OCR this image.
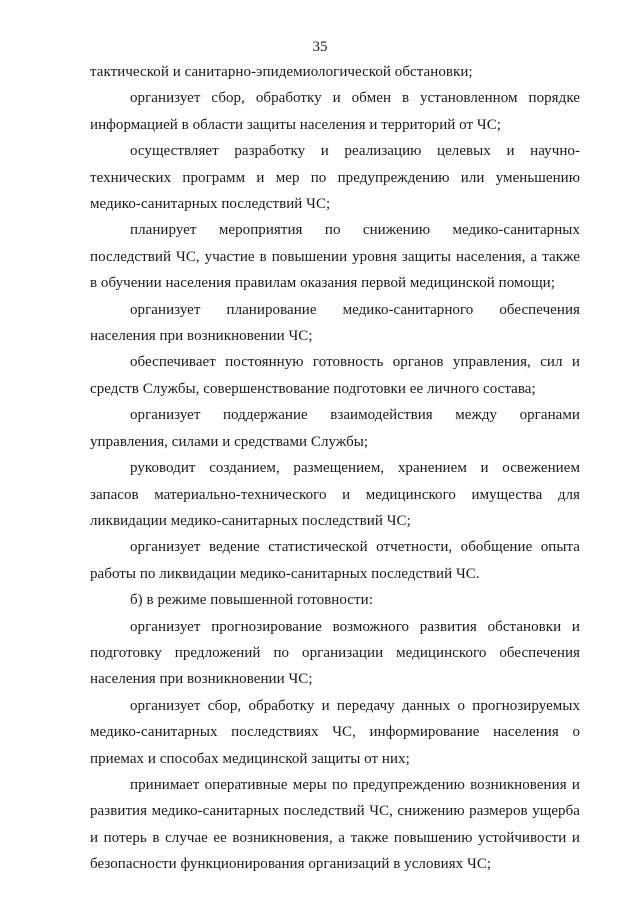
35

тактической и санитарно-эпидемиологической обстановки;

организует сбор, обработку и обмен в установленном порядке информацией в области защиты населения и территорий от ЧС;

осуществляет разработку и реализацию целевых и научно-технических программ и мер по предупреждению или уменьшению медико-санитарных последствий ЧС;

планирует мероприятия по снижению медико-санитарных последствий ЧС, участие в повышении уровня защиты населения, а также в обучении населения правилам оказания первой медицинской помощи;

организует планирование медико-санитарного обеспечения населения при возникновении ЧС;

обеспечивает постоянную готовность органов управления, сил и средств Службы, совершенствование подготовки ее личного состава;

организует поддержание взаимодействия между органами управления, силами и средствами Службы;

руководит созданием, размещением, хранением и освежением запасов материально-технического и медицинского имущества для ликвидации медико-санитарных последствий ЧС;

организует ведение статистической отчетности, обобщение опыта работы по ликвидации медико-санитарных последствий ЧС.

б) в режиме повышенной готовности:

организует прогнозирование возможного развития обстановки и подготовку предложений по организации медицинского обеспечения населения при возникновении ЧС;

организует сбор, обработку и передачу данных о прогнозируемых медико-санитарных последствиях ЧС, информирование населения о приемах и способах медицинской защиты от них;

принимает оперативные меры по предупреждению возникновения и развития медико-санитарных последствий ЧС, снижению размеров ущерба и потерь в случае ее возникновения, а также повышению устойчивости и безопасности функционирования организаций в условиях ЧС;
